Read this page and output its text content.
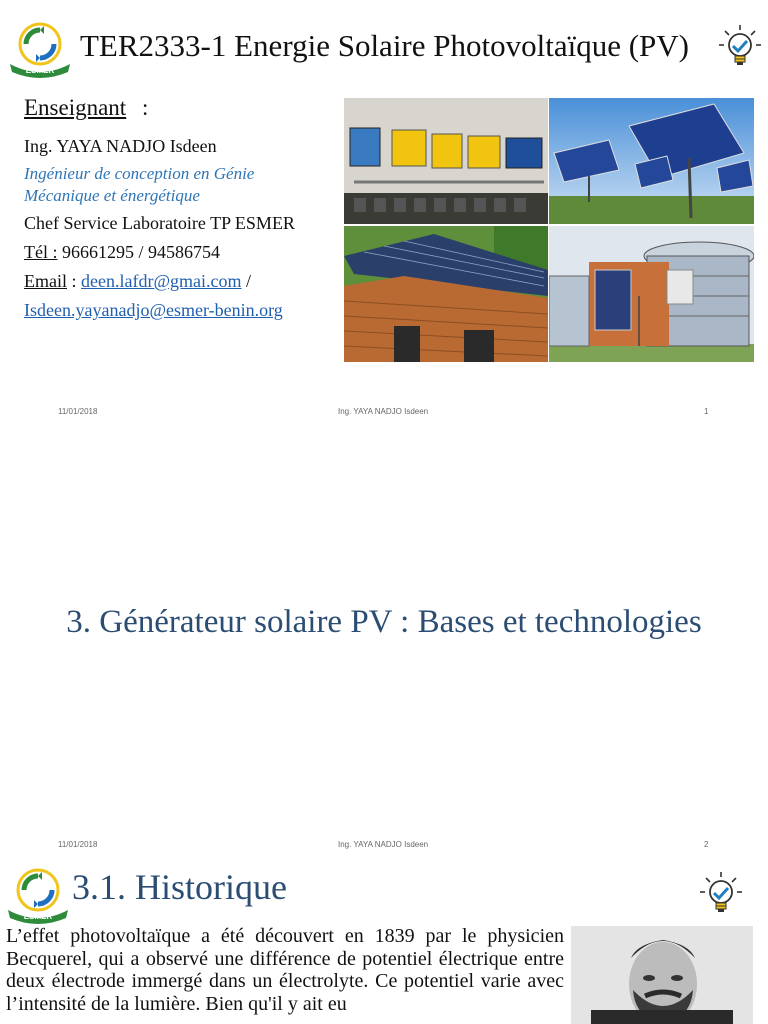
ESMER
TER2333-1 Energie Solaire Photovoltaïque (PV)
Enseignant :
Ing. YAYA NADJO Isdeen
Ingénieur de conception en Génie
Mécanique et énergétique
Chef Service Laboratoire TP ESMER
Tél : 96661295 / 94586754
Email : deen.lafdr@gmai.com /
Isdeen.yayanadjo@esmer-benin.org
11/01/2018	Ing. YAYA NADJO Isdeen	1
3. Générateur solaire PV : Bases et technologies
11/01/2018	Ing. YAYA NADJO Isdeen	2
ESMER
3.1. Historique
L’effet photovoltaïque a été découvert en 1839 par le physicien Becquerel, qui a observé une différence de potentiel électrique entre deux électrode immergé dans un électrolyte. Ce potentiel varie avec l’intensité de la lumière. Bien qu'il y ait eu
